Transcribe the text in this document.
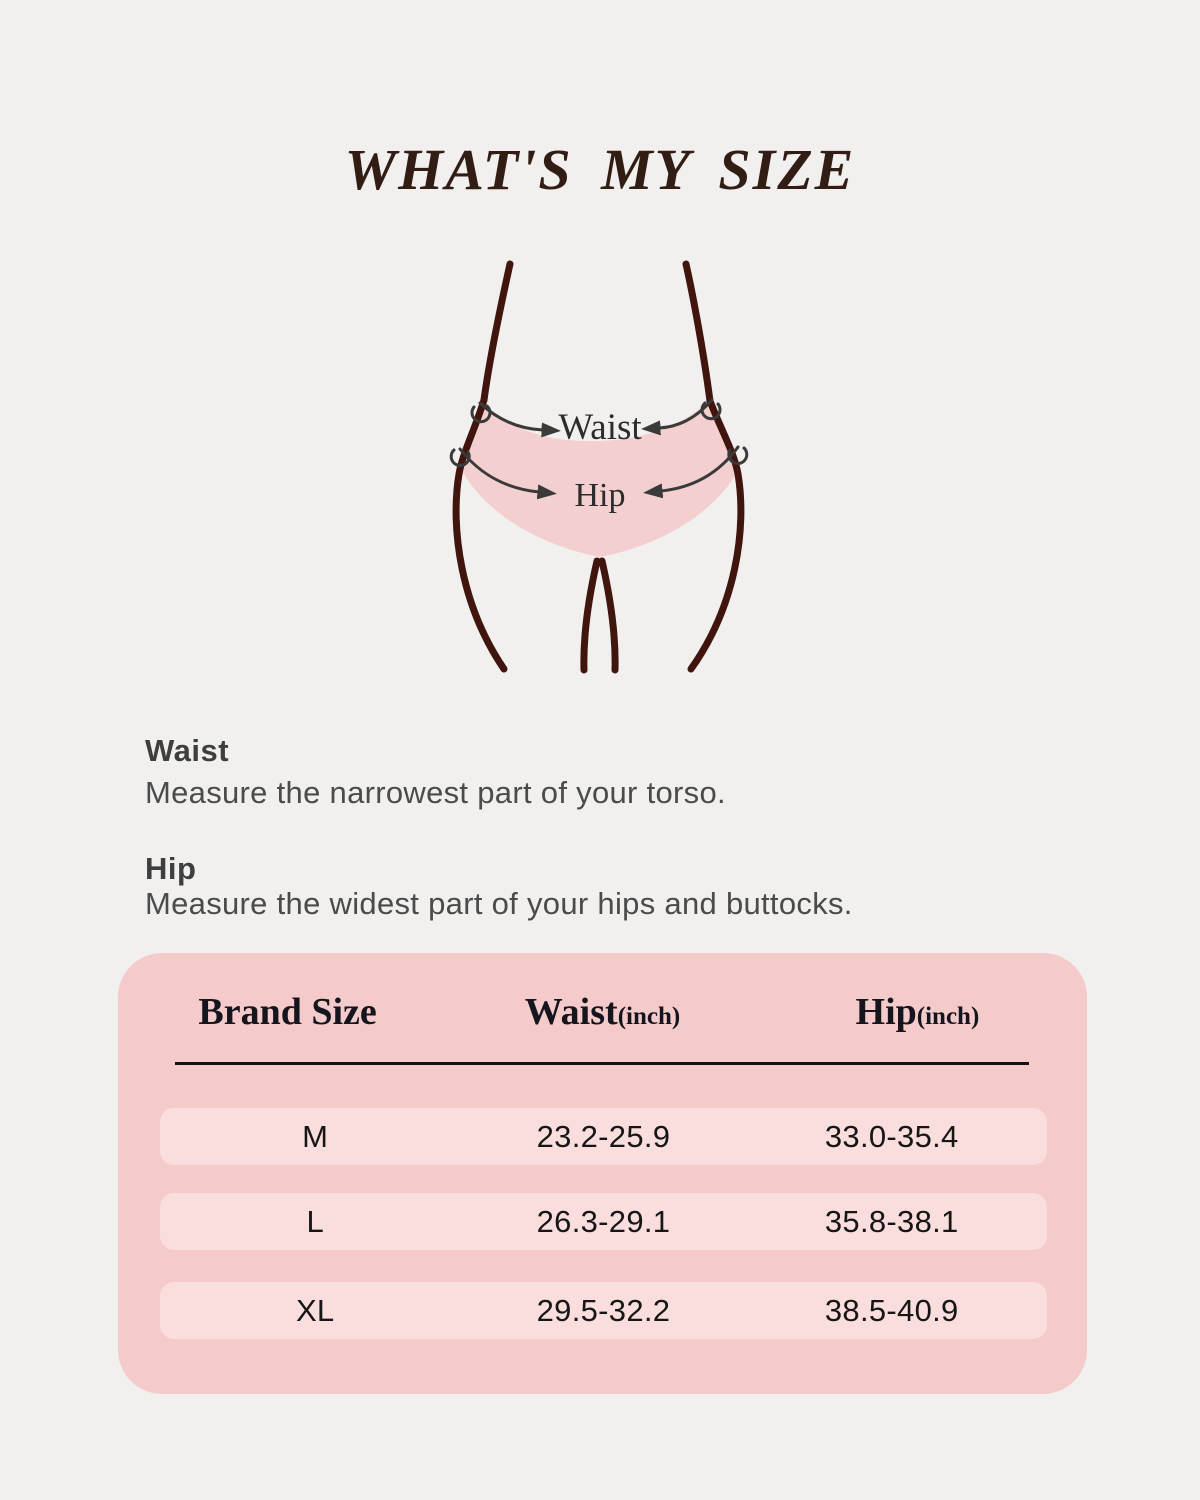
WHAT'S MY SIZE
Waist
Hip
Waist

Measure the narrowest part of your torso.

Hip

Measure the widest part of your hips and buttocks.

Brand Size	Waist(inch)	Hip(inch)
M	23.2-25.9	33.0-35.4
L	26.3-29.1	35.8-38.1
XL	29.5-32.2	38.5-40.9
